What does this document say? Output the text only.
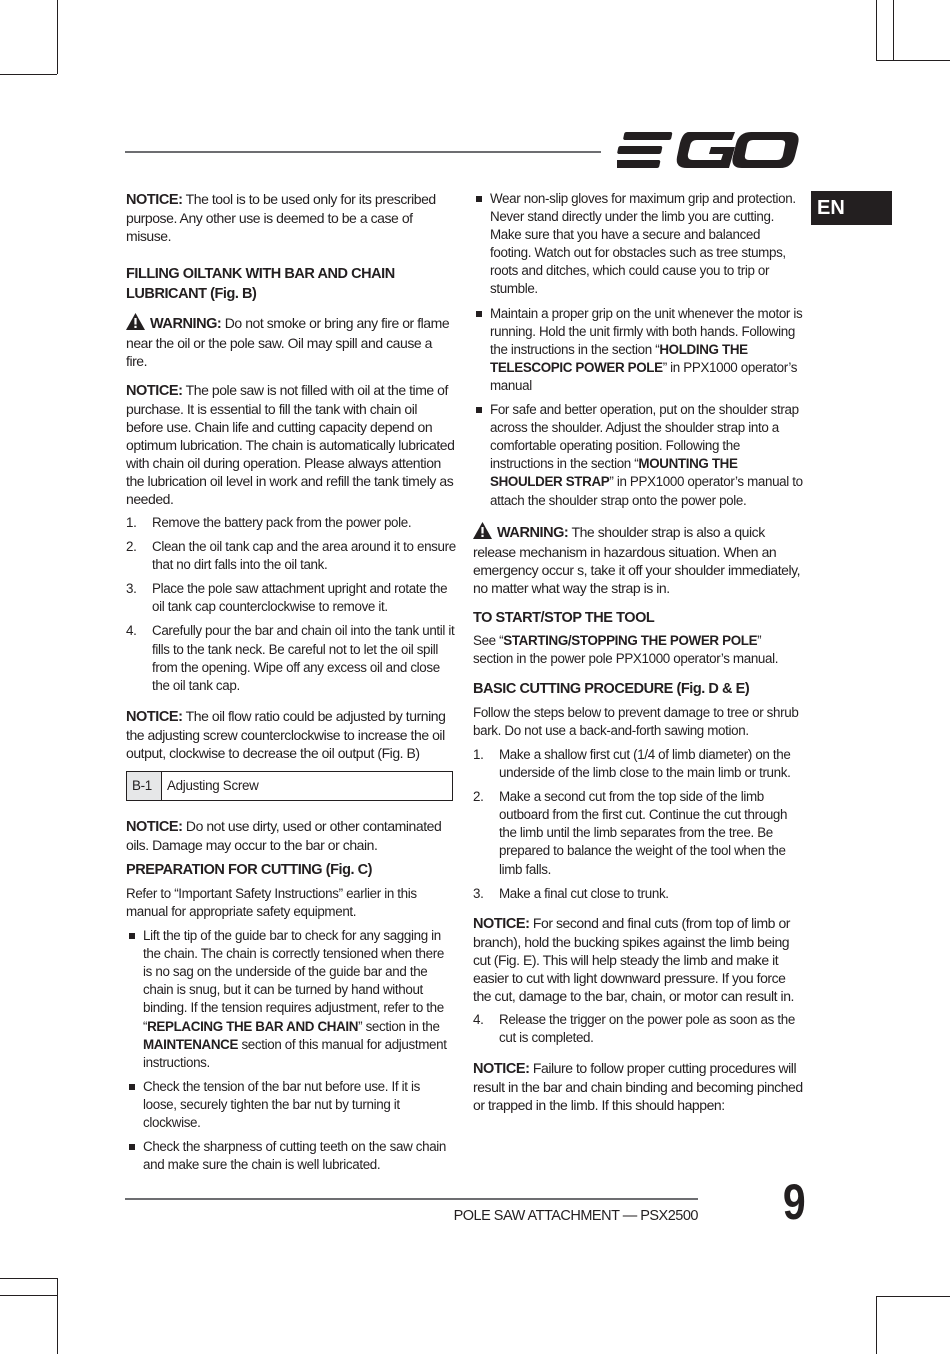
EN

NOTICE: The tool is to be used only for its prescribed purpose. Any other use is deemed to be a case of misuse.

FILLING OILTANK WITH BAR AND CHAIN LUBRICANT (Fig. B)

WARNING: Do not smoke or bring any fire or flame near the oil or the pole saw. Oil may spill and cause a fire.

NOTICE: The pole saw is not filled with oil at the time of purchase. It is essential to fill the tank with chain oil before use. Chain life and cutting capacity depend on optimum lubrication. The chain is automatically lubricated with chain oil during operation. Please always attention the lubrication oil level in work and refill the tank timely as needed.

1. Remove the battery pack from the power pole.
2. Clean the oil tank cap and the area around it to ensure that no dirt falls into the oil tank.
3. Place the pole saw attachment upright and rotate the oil tank cap counterclockwise to remove it.
4. Carefully pour the bar and chain oil into the tank until it fills to the tank neck. Be careful not to let the oil spill from the opening. Wipe off any excess oil and close the oil tank cap.

NOTICE: The oil flow ratio could be adjusted by turning the adjusting screw counterclockwise to increase the oil output, clockwise to decrease the oil output (Fig. B)

B-1	Adjusting Screw

NOTICE: Do not use dirty, used or other contaminated oils. Damage may occur to the bar or chain.

PREPARATION FOR CUTTING (Fig. C)

Refer to “Important Safety Instructions” earlier in this manual for appropriate safety equipment.

Lift the tip of the guide bar to check for any sagging in the chain. The chain is correctly tensioned when there is no sag on the underside of the guide bar and the chain is snug, but it can be turned by hand without binding. If the tension requires adjustment, refer to the “REPLACING THE BAR AND CHAIN” section in the MAINTENANCE section of this manual for adjustment instructions.
Check the tension of the bar nut before use. If it is loose, securely tighten the bar nut by turning it clockwise.
Check the sharpness of cutting teeth on the saw chain and make sure the chain is well lubricated.
Wear non-slip gloves for maximum grip and protection. Never stand directly under the limb you are cutting. Make sure that you have a secure and balanced footing. Watch out for obstacles such as tree stumps, roots and ditches, which could cause you to trip or stumble.
Maintain a proper grip on the unit whenever the motor is running. Hold the unit firmly with both hands. Following the instructions in the section “HOLDING THE TELESCOPIC POWER POLE” in PPX1000 operator’s manual
For safe and better operation, put on the shoulder strap across the shoulder. Adjust the shoulder strap into a comfortable operating position. Following the instructions in the section “MOUNTING THE SHOULDER STRAP” in PPX1000 operator’s manual to attach the shoulder strap onto the power pole.

WARNING: The shoulder strap is also a quick release mechanism in hazardous situation. When an emergency occur s, take it off your shoulder immediately, no matter what way the strap is in.

TO START/STOP THE TOOL

See “STARTING/STOPPING THE POWER POLE” section in the power pole PPX1000 operator’s manual.

BASIC CUTTING PROCEDURE (Fig. D & E)

Follow the steps below to prevent damage to tree or shrub bark. Do not use a back-and-forth sawing motion.

1. Make a shallow first cut (1/4 of limb diameter) on the underside of the limb close to the main limb or trunk.
2. Make a second cut from the top side of the limb outboard from the first cut. Continue the cut through the limb until the limb separates from the tree. Be prepared to balance the weight of the tool when the limb falls.
3. Make a final cut close to trunk.

NOTICE: For second and final cuts (from top of limb or branch), hold the bucking spikes against the limb being cut (Fig. E). This will help steady the limb and make it easier to cut with light downward pressure. If you force the cut, damage to the bar, chain, or motor can result in.

4. Release the trigger on the power pole as soon as the cut is completed.

NOTICE: Failure to follow proper cutting procedures will result in the bar and chain binding and becoming pinched or trapped in the limb. If this should happen:

POLE SAW ATTACHMENT — PSX2500 9
